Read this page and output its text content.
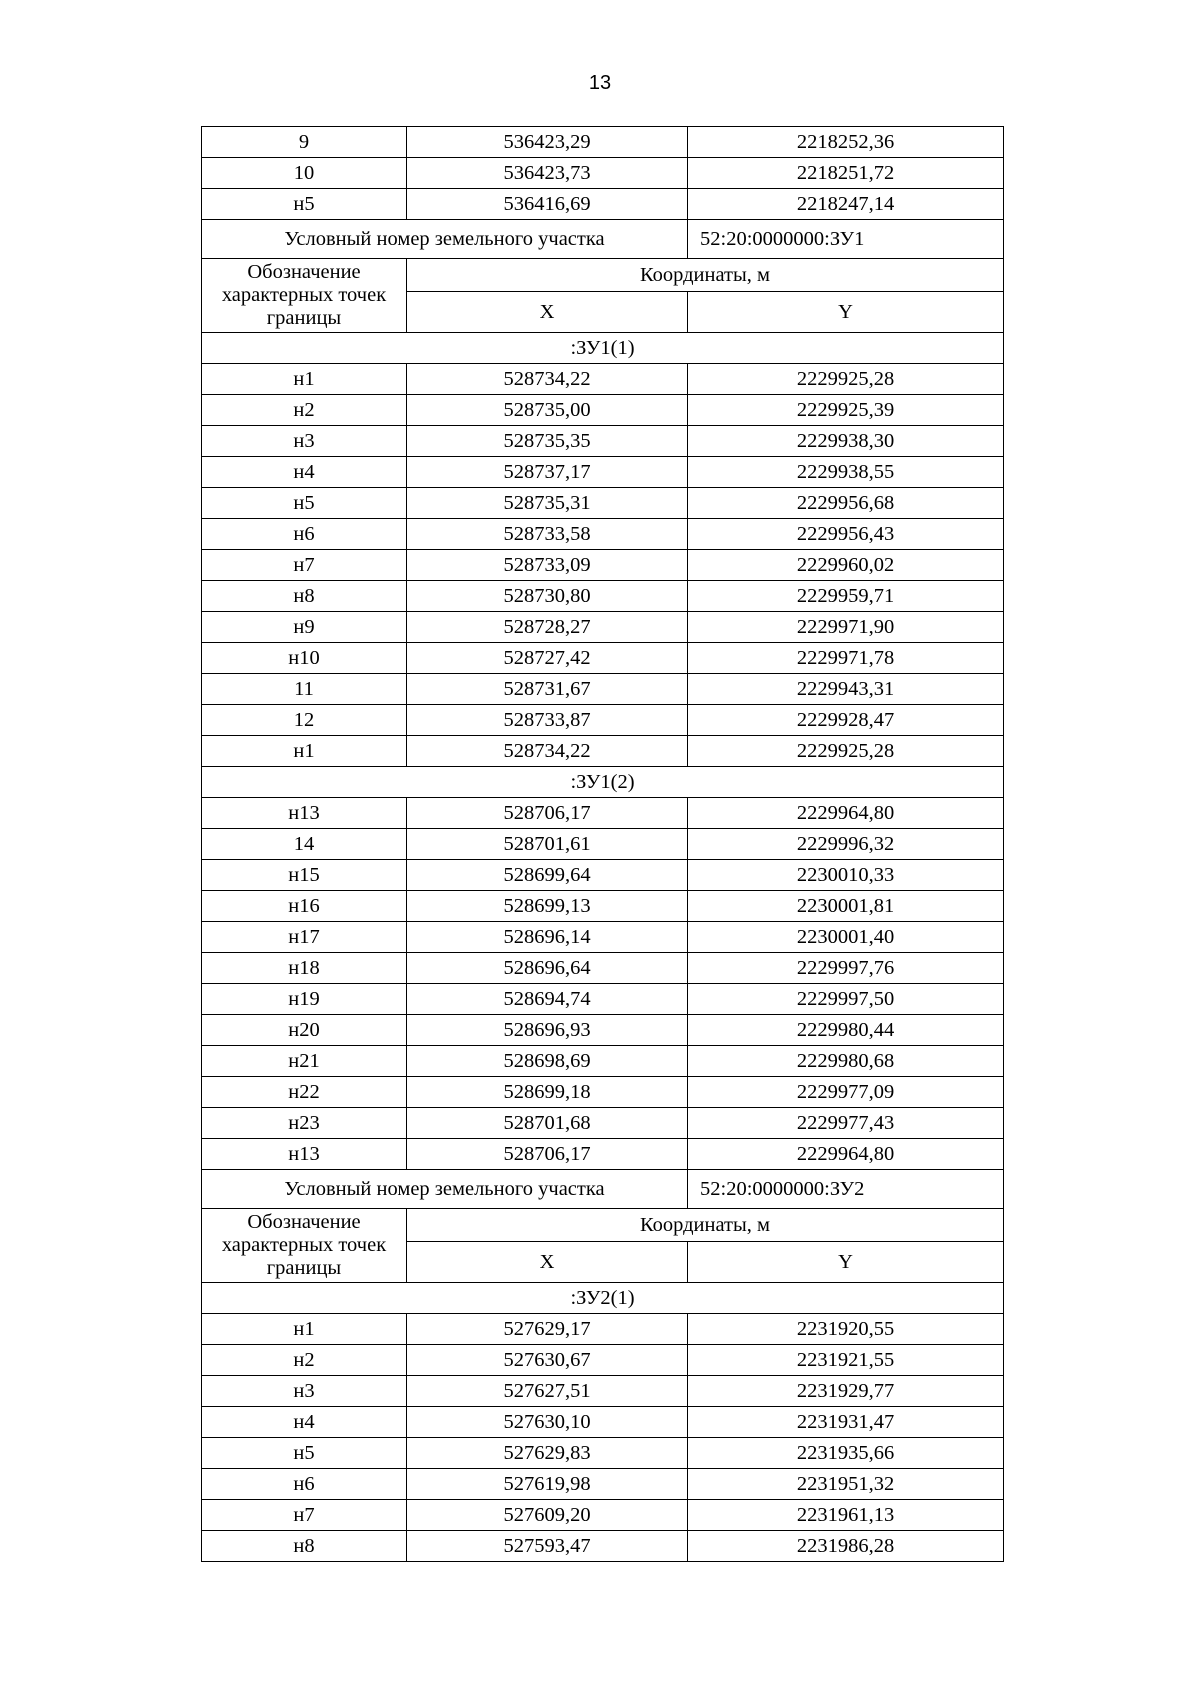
13
9	536423,29	2218252,36
10	536423,73	2218251,72
н5	536416,69	2218247,14
Условный номер земельного участка		52:20:0000000:ЗУ1
Обозначение характерных точек границы	Координаты, м	
	X	Y
:ЗУ1(1)		
н1	528734,22	2229925,28
н2	528735,00	2229925,39
н3	528735,35	2229938,30
н4	528737,17	2229938,55
н5	528735,31	2229956,68
н6	528733,58	2229956,43
н7	528733,09	2229960,02
н8	528730,80	2229959,71
н9	528728,27	2229971,90
н10	528727,42	2229971,78
11	528731,67	2229943,31
12	528733,87	2229928,47
н1	528734,22	2229925,28
:ЗУ1(2)		
н13	528706,17	2229964,80
14	528701,61	2229996,32
н15	528699,64	2230010,33
н16	528699,13	2230001,81
н17	528696,14	2230001,40
н18	528696,64	2229997,76
н19	528694,74	2229997,50
н20	528696,93	2229980,44
н21	528698,69	2229980,68
н22	528699,18	2229977,09
н23	528701,68	2229977,43
н13	528706,17	2229964,80
Условный номер земельного участка		52:20:0000000:ЗУ2
Обозначение характерных точек границы	Координаты, м	
	X	Y
:ЗУ2(1)		
н1	527629,17	2231920,55
н2	527630,67	2231921,55
н3	527627,51	2231929,77
н4	527630,10	2231931,47
н5	527629,83	2231935,66
н6	527619,98	2231951,32
н7	527609,20	2231961,13
н8	527593,47	2231986,28
